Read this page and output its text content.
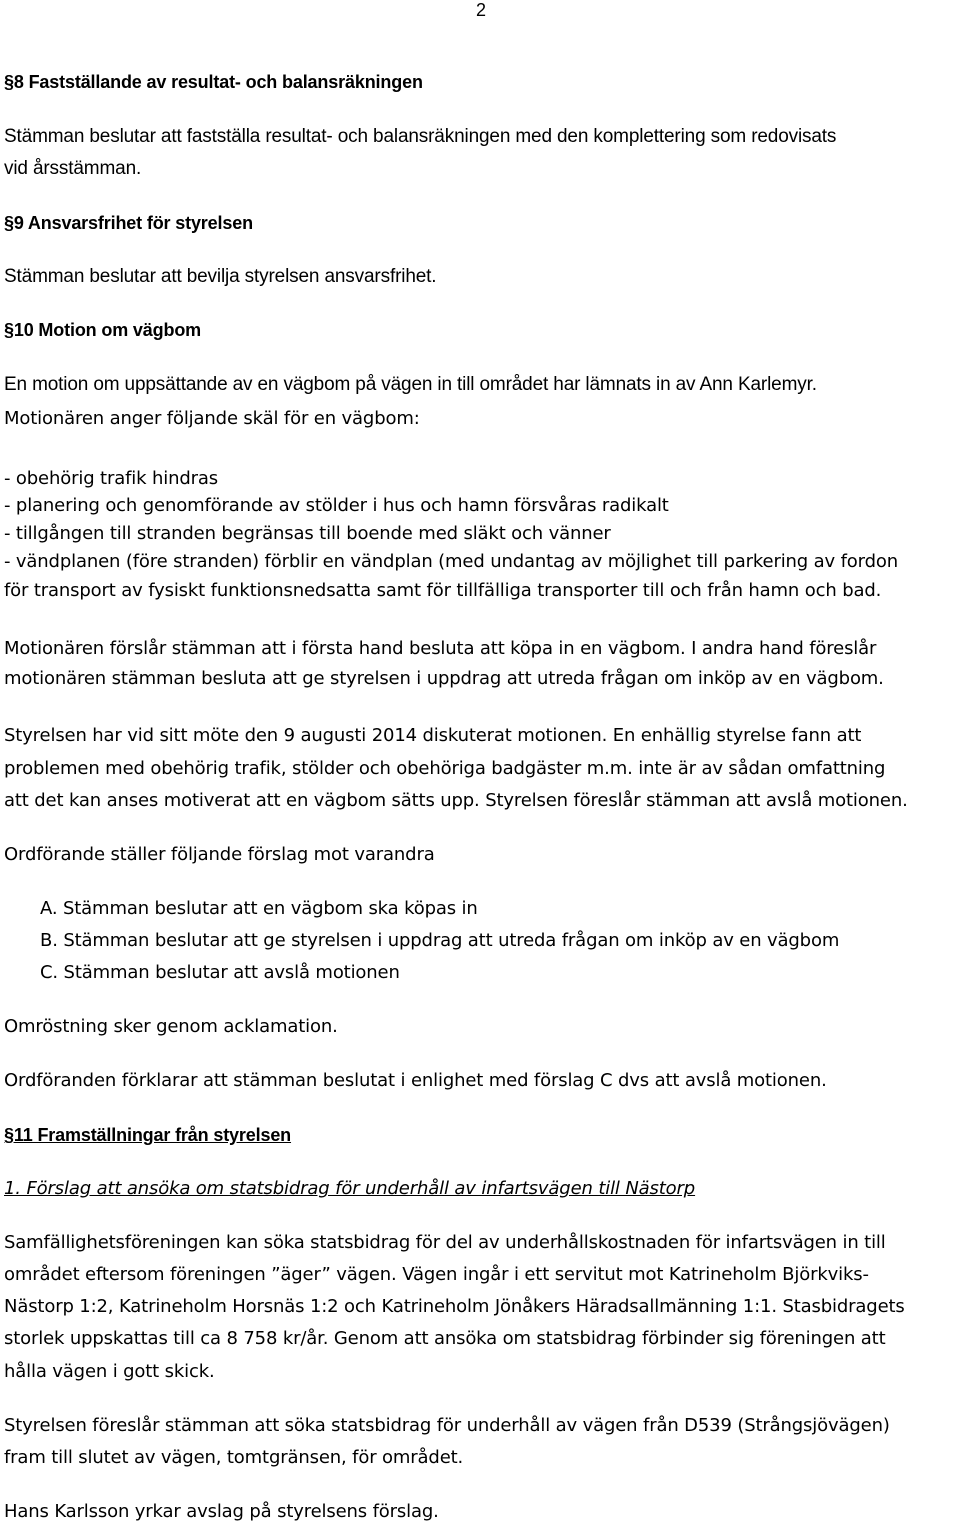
2
§8 Fastställande av resultat- och balansräkningen
Stämman beslutar att fastställa resultat- och balansräkningen med den komplettering som redovisats
vid årsstämman.
§9 Ansvarsfrihet för styrelsen
Stämman beslutar att bevilja styrelsen ansvarsfrihet.
§10 Motion om vägbom
En motion om uppsättande av en vägbom på vägen in till området har lämnats in av Ann Karlemyr.
Motionären anger följande skäl för en vägbom:
- obehörig trafik hindras
- planering och genomförande av stölder i hus och hamn försvåras radikalt
- tillgången till stranden begränsas till boende med släkt och vänner
- vändplanen (före stranden) förblir en vändplan (med undantag av möjlighet till parkering av fordon
för transport av fysiskt funktionsnedsatta samt för tillfälliga transporter till och från hamn och bad.
Motionären förslår stämman att i första hand besluta att köpa in en vägbom. I andra hand föreslår
motionären stämman besluta att ge styrelsen i uppdrag att utreda frågan om inköp av en vägbom.
Styrelsen har vid sitt möte den 9 augusti 2014 diskuterat motionen. En enhällig styrelse fann att
problemen med obehörig trafik, stölder och obehöriga badgäster m.m. inte är av sådan omfattning
att det kan anses motiverat att en vägbom sätts upp. Styrelsen föreslår stämman att avslå motionen.
Ordförande ställer följande förslag mot varandra
A. Stämman beslutar att en vägbom ska köpas in
B. Stämman beslutar att ge styrelsen i uppdrag att utreda frågan om inköp av en vägbom
C. Stämman beslutar att avslå motionen
Omröstning sker genom acklamation.
Ordföranden förklarar att stämman beslutat i enlighet med förslag C dvs att avslå motionen.
§11 Framställningar från styrelsen
1. Förslag att ansöka om statsbidrag för underhåll av infartsvägen till Nästorp
Samfällighetsföreningen kan söka statsbidrag för del av underhållskostnaden för infartsvägen in till
området eftersom föreningen ”äger” vägen. Vägen ingår i ett servitut mot Katrineholm Björkviks-
Nästorp 1:2, Katrineholm Horsnäs 1:2 och Katrineholm Jönåkers Häradsallmänning 1:1. Stasbidragets
storlek uppskattas till ca 8 758 kr/år. Genom att ansöka om statsbidrag förbinder sig föreningen att
hålla vägen i gott skick.
Styrelsen föreslår stämman att söka statsbidrag för underhåll av vägen från D539 (Strångsjövägen)
fram till slutet av vägen, tomtgränsen, för området.
Hans Karlsson yrkar avslag på styrelsens förslag.
